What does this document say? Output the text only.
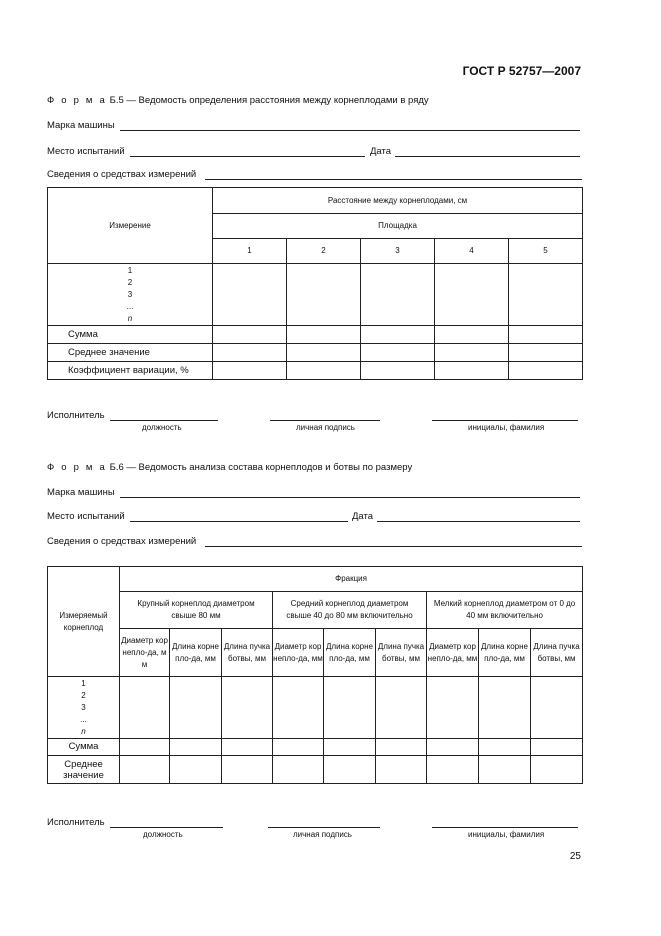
ГОСТ Р 52757—2007
Ф о р м а Б.5 — Ведомость определения расстояния между корнеплодами в ряду
Марка машины
Место испытаний	Дата
Сведения о средствах измерений
Измерение	Расстояние между корнеплодами, см				
	Площадка				
	1	2	3	4	5

1
2
3
...
n					

Сумма					
Среднее значение					
Коэффициент вариации, %					
Исполнитель
должность	личная подпись	инициалы, фамилия
Ф о р м а Б.6 — Ведомость анализа состава корнеплодов и ботвы по размеру
Марка машины
Место испытаний	Дата
Сведения о средствах измерений
Измеряемый корнеплод	Фракция								
	Крупный корнеплод диаметром свыше 80 мм			Средний корнеплод диаметром свыше 40 до 80 мм включительно			Мелкий корнеплод диаметром от 0 до 40 мм включительно		
	Диаметр корнепло-да, мм	Длина корнепло-да, мм	Длина пучка ботвы, мм	Диаметр корнепло-да, мм	Длина корнепло-да, мм	Длина пучка ботвы, мм	Диаметр корнепло-да, мм	Длина корнепло-да, мм	Длина пучка ботвы, мм

1
2
3
...
n									

Сумма									
Среднее значение									
Исполнитель
должность	личная подпись	инициалы, фамилия
25
